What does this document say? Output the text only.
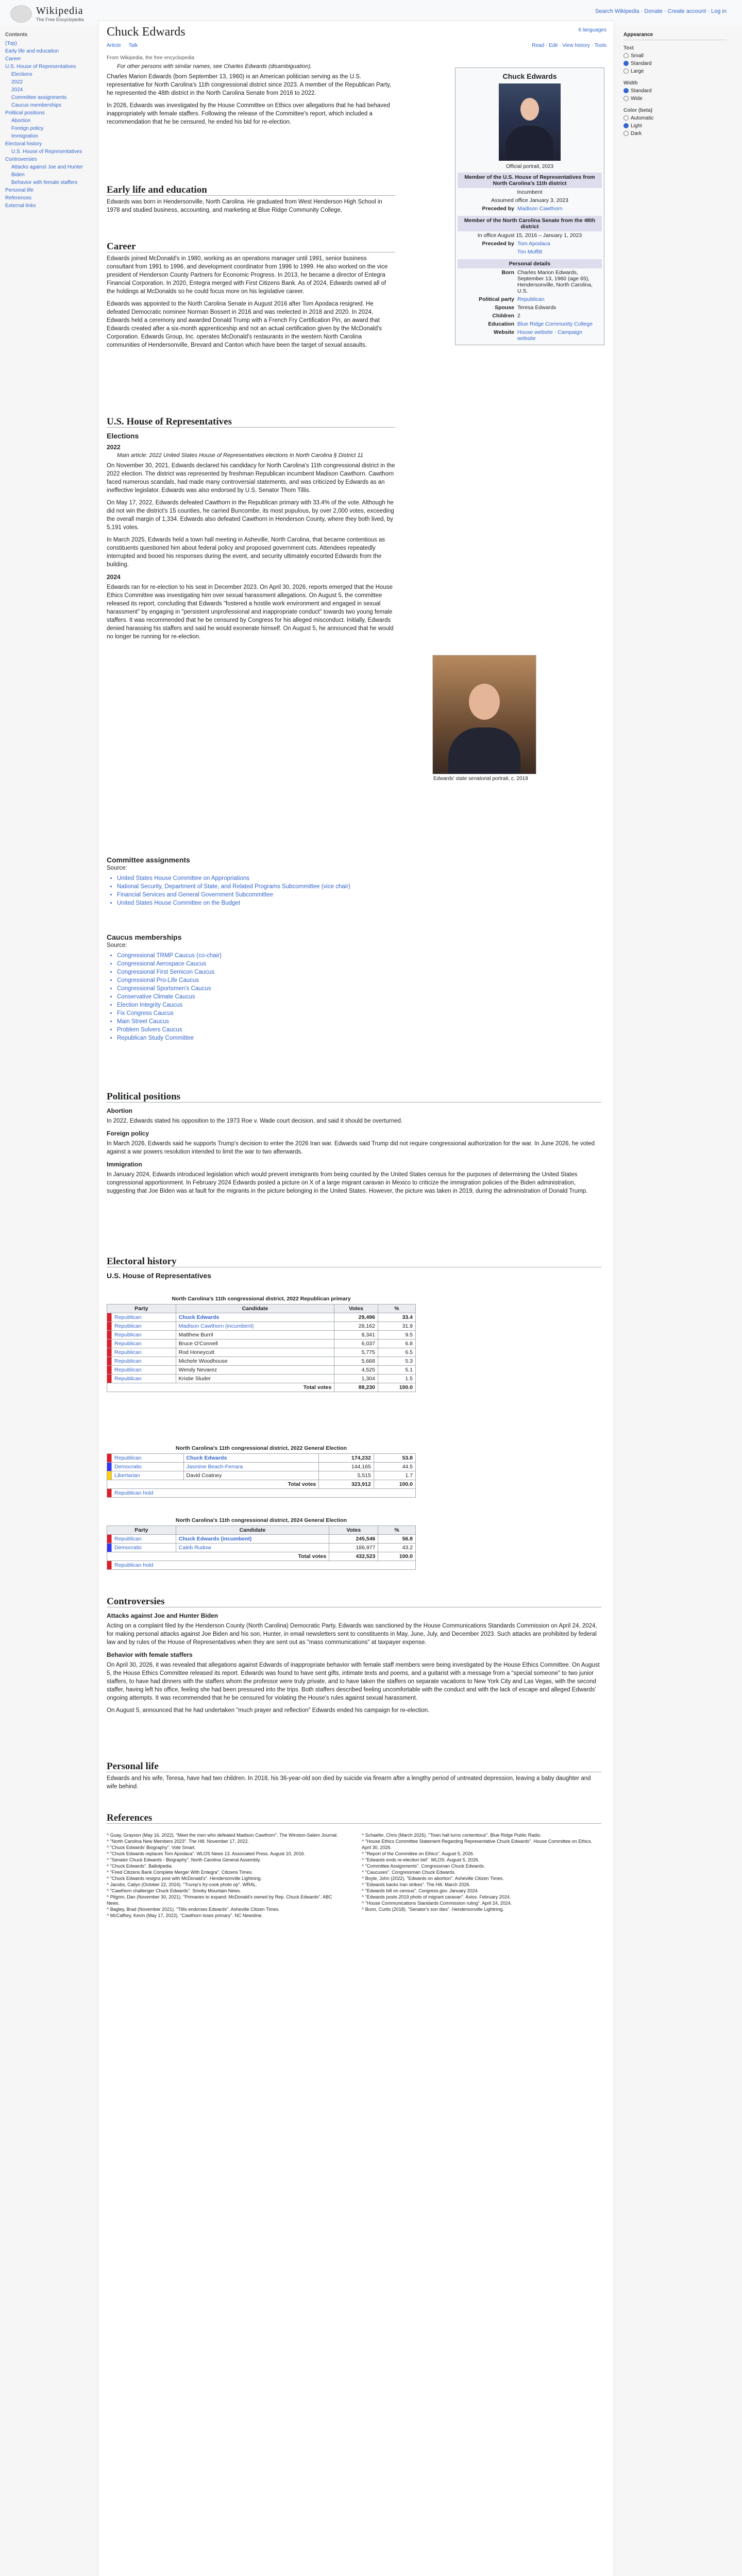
Wikipedia
The Free Encyclopedia
Search Wikipedia · Donate · Create account · Log in
Contents
(Top)
Early life and education
Career
U.S. House of Representatives
Elections
2022
2024
Committee assignments
Caucus memberships
Political positions
Abortion
Foreign policy
Immigration
Electoral history
U.S. House of Representatives
Controversies
Attacks against Joe and Hunter Biden
Behavior with female staffers
Personal life
References
External links
Appearance
Text
Small
Standard
Large
Width
Standard
Wide
Color (beta)
Automatic
Light
Dark
Chuck Edwards	6 languages
Article Talk	Read · Edit · View history · Tools
Chuck Edwards
Official portrait, 2023
Member of the U.S. House of Representatives from North Carolina's 11th district
Incumbent
Assumed office January 3, 2023
Preceded by Madison Cawthorn
Member of the North Carolina Senate from the 48th district
In office August 15, 2016 – January 1, 2023
Preceded by Tom Apodaca
Tim Moffitt
Personal details
Born Charles Marion Edwards, September 13, 1960 (age 65), Hendersonville, North Carolina, U.S.
Political party Republican
Spouse Teresa Edwards
Children 2
Education Blue Ridge Community College
Website House website · Campaign website
From Wikipedia, the free encyclopedia
For other persons with similar names, see Charles Edwards (disambiguation).

Charles Marion Edwards (born September 13, 1960) is an American politician serving as the U.S. representative for North Carolina's 11th congressional district since 2023. A member of the Republican Party, he represented the 48th district in the North Carolina Senate from 2016 to 2022.

In 2026, Edwards was investigated by the House Committee on Ethics over allegations that he had behaved inappropriately with female staffers. Following the release of the Committee's report, which included a recommendation that he be censured, he ended his bid for re-election.

Early life and education

Edwards was born in Hendersonville, North Carolina. He graduated from West Henderson High School in 1978 and studied business, accounting, and marketing at Blue Ridge Community College.

Career

Edwards joined McDonald's in 1980, working as an operations manager until 1991, senior business consultant from 1991 to 1996, and development coordinator from 1996 to 1999. He also worked on the vice president of Henderson County Partners for Economic Progress. In 2013, he became a director of Entegra Financial Corporation. In 2020, Entegra merged with First Citizens Bank. As of 2024, Edwards owned all of the holdings at McDonalds so he could focus more on his legislative career.

Edwards was appointed to the North Carolina Senate in August 2016 after Tom Apodaca resigned. He defeated Democratic nominee Norman Bossert in 2016 and was reelected in 2018 and 2020. In 2024, Edwards held a ceremony and awarded Donald Trump with a French Fry Certification Pin, an award that Edwards created after a six-month apprenticeship and not an actual certification given by the McDonald's Corporation. Edwards Group, Inc. operates McDonald's restaurants in the western North Carolina communities of Hendersonville, Brevard and Canton which have been the target of sexual assaults.

U.S. House of Representatives
Elections
2022
Main article: 2022 United States House of Representatives elections in North Carolina § District 11

On November 30, 2021, Edwards declared his candidacy for North Carolina's 11th congressional district in the 2022 election. The district was represented by freshman Republican incumbent Madison Cawthorn. Cawthorn faced numerous scandals, had made many controversial statements, and was criticized by Edwards as an ineffective legislator. Edwards was also endorsed by U.S. Senator Thom Tillis.

On May 17, 2022, Edwards defeated Cawthorn in the Republican primary with 33.4% of the vote. Although he did not win the district's 15 counties, he carried Buncombe, its most populous, by over 2,000 votes, exceeding the overall margin of 1,334. Edwards also defeated Cawthorn in Henderson County, where they both lived, by 5,191 votes.

In March 2025, Edwards held a town hall meeting in Asheville, North Carolina, that became contentious as constituents questioned him about federal policy and proposed government cuts. Attendees repeatedly interrupted and booed his responses during the event, and security ultimately escorted Edwards from the building.

2024

Edwards ran for re-election to his seat in December 2023. On April 30, 2026, reports emerged that the House Ethics Committee was investigating him over sexual harassment allegations. On August 5, the committee released its report, concluding that Edwards "fostered a hostile work environment and engaged in sexual harassment" by engaging in "persistent unprofessional and inappropriate conduct" towards two young female staffers. It was recommended that he be censured by Congress for his alleged misconduct. Initially, Edwards denied harassing his staffers and said he would exonerate himself. On August 5, he announced that he would no longer be running for re-election.

Edwards' state senatorial portrait, c. 2019
Committee assignments
Source:
• United States House Committee on Appropriations
• National Security, Department of State, and Related Programs Subcommittee (vice chair)
• Financial Services and General Government Subcommittee
• United States House Committee on the Budget
Caucus memberships
Source:
• Congressional TRMP Caucus (co-chair)
• Congressional Aerospace Caucus
• Congressional First Semicon Caucus
• Congressional Pro-Life Caucus
• Congressional Sportsmen's Caucus
• Conservative Climate Caucus
• Election Integrity Caucus
• Fix Congress Caucus
• Main Street Caucus
• Problem Solvers Caucus
• Republican Study Committee
Political positions
Abortion

In 2022, Edwards stated his opposition to the 1973 Roe v. Wade court decision, and said it should be overturned.

Foreign policy

In March 2026, Edwards said he supports Trump's decision to enter the 2026 Iran war. Edwards said Trump did not require congressional authorization for the war. In June 2026, he voted against a war powers resolution intended to limit the war to two afterwards.

Immigration

In January 2024, Edwards introduced legislation which would prevent immigrants from being counted by the United States census for the purposes of determining the United States congressional apportionment. In February 2024 Edwards posted a picture on X of a large migrant caravan in Mexico to criticize the immigration policies of the Biden administration, suggesting that Joe Biden was at fault for the migrants in the picture belonging in the United States. However, the picture was taken in 2019, during the administration of Donald Trump.

Electoral history
U.S. House of Representatives
North Carolina's 11th congressional district, 2022 Republican primary
Party		Candidate	Votes	%
	Republican	Chuck Edwards	29,496	33.4
	Republican	Madison Cawthorn (incumbent)	28,162	31.9
	Republican	Matthew Burril	8,341	9.5
	Republican	Bruce O'Connell	6,037	6.8
	Republican	Rod Honeycutt	5,775	6.5
	Republican	Michele Woodhouse	5,668	5.3
	Republican	Wendy Nevarez	4,525	5.1
	Republican	Kristie Sluder	1,304	1.5
Total votes			88,230	100.0
North Carolina's 11th congressional district, 2022 General Election
	Republican	Chuck Edwards	174,232	53.8
	Democratic	Jasmine Beach-Ferrara	144,165	44.5
	Libertarian	David Coatney	5,515	1.7
Total votes			323,912	100.0
	Republican hold			
North Carolina's 11th congressional district, 2024 General Election
Party		Candidate	Votes	%
	Republican	Chuck Edwards (incumbent)	245,546	56.8
	Democratic	Caleb Rudow	186,977	43.2
Total votes			432,523	100.0
	Republican hold			
Controversies
Attacks against Joe and Hunter Biden

Acting on a complaint filed by the Henderson County (North Carolina) Democratic Party, Edwards was sanctioned by the House Communications Standards Commission on April 24, 2024, for making personal attacks against Joe Biden and his son, Hunter, in email newsletters sent to constituents in May, June, July, and December 2023. Such attacks are prohibited by federal law and by rules of the House of Representatives when they are sent out as "mass communications" at taxpayer expense.

Behavior with female staffers

On April 30, 2026, it was revealed that allegations against Edwards of inappropriate behavior with female staff members were being investigated by the House Ethics Committee. On August 5, the House Ethics Committee released its report. Edwards was found to have sent gifts, intimate texts and poems, and a guitarist with a message from a "special someone" to two junior staffers, to have had dinners with the staffers whom the professor were truly private, and to have taken the staffers on separate vacations to New York City and Las Vegas, with the second staffer, having left his office, feeling she had been pressured into the trips. Both staffers described feeling uncomfortable with the conduct and with the lack of escape and alleged Edwards' ongoing attempts. It was recommended that he be censured for violating the House's rules against sexual harassment.

On August 5, announced that he had undertaken "much prayer and reflection" Edwards ended his campaign for re-election.

Personal life

Edwards and his wife, Teresa, have had two children. In 2018, his 36-year-old son died by suicide via firearm after a lengthy period of untreated depression, leaving a baby daughter and wife behind.

References
^ Guay, Grayson (May 16, 2022). "Meet the men who defeated Madison Cawthorn". The Winston-Salem Journal.
^ "North Carolina New Members 2023". The Hill. November 17, 2022.
^ "Chuck Edwards' Biography". Vote Smart.
^ "Chuck Edwards replaces Tom Apodaca". WLOS News 13. Associated Press. August 10, 2016.
^ "Senator Chuck Edwards - Biography". North Carolina General Assembly.
^ "Chuck Edwards". Ballotpedia.
^ "Fired Citizens Bank Complete Merger With Entegra". Citizens Times.
^ "Chuck Edwards resigns post with McDonald's". Hendersonville Lightning.
^ Jacobs, Cailyn (October 22, 2024). "Trump's fry-cook photo op". WRAL.
^ "Cawthorn challenger Chuck Edwards". Smoky Mountain News.
^ Pilgrim, Dan (November 30, 2021). "Primaries to expand: McDonald's owned by Rep. Chuck Edwards". ABC News.
^ Bagley, Brad (November 2021). "Tillis endorses Edwards". Asheville Citizen Times.
^ McCaffrey, Kevin (May 17, 2022). "Cawthorn loses primary". NC Newsline.
^ Schaefer, Chris (March 2025). "Town hall turns contentious". Blue Ridge Public Radio.
^ "House Ethics Committee Statement Regarding Representative Chuck Edwards". House Committee on Ethics. April 30, 2026.
^ "Report of the Committee on Ethics". August 5, 2026.
^ "Edwards ends re-election bid". WLOS. August 5, 2026.
^ "Committee Assignments". Congressman Chuck Edwards.
^ "Caucuses". Congressman Chuck Edwards.
^ Boyle, John (2022). "Edwards on abortion". Asheville Citizen Times.
^ "Edwards backs Iran strikes". The Hill. March 2026.
^ "Edwards bill on census". Congress.gov. January 2024.
^ "Edwards posts 2019 photo of migrant caravan". Axios. February 2024.
^ "House Communications Standards Commission ruling". April 24, 2024.
^ Bunn, Curtis (2018). "Senator's son dies". Hendersonville Lightning.
